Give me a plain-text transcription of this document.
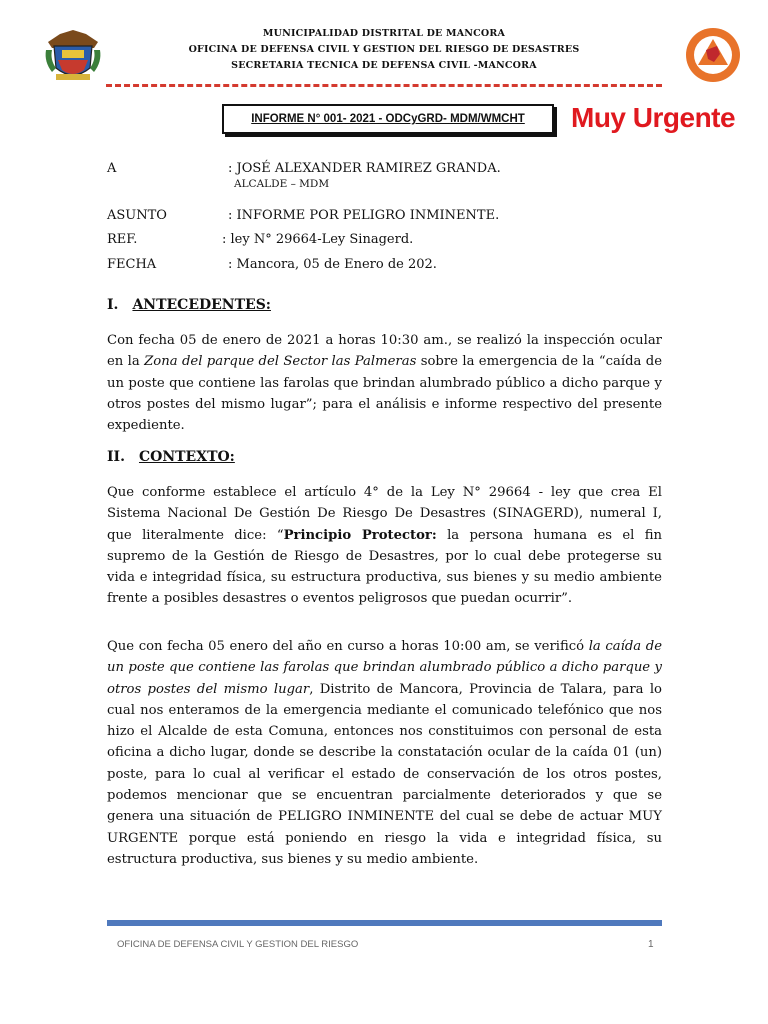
MUNICIPALIDAD DISTRITAL DE MANCORA
OFICINA DE DEFENSA CIVIL Y GESTION DEL RIESGO DE DESASTRES
SECRETARIA TECNICA DE DEFENSA CIVIL -MANCORA
INFORME N° 001- 2021 - ODCyGRD- MDM/WMCHT Muy Urgente
A	: JOSÉ ALEXANDER RAMIREZ GRANDA.
ALCALDE – MDM
ASUNTO	: INFORME POR PELIGRO INMINENTE.
REF.	: ley N° 29664-Ley Sinagerd.
FECHA	: Mancora, 05 de Enero de 202.
I. ANTECEDENTES:
Con fecha 05 de enero de 2021 a horas 10:30 am., se realizó la inspección ocular en la Zona del parque del Sector las Palmeras sobre la emergencia de la “caída de un poste que contiene las farolas que brindan alumbrado público a dicho parque y otros postes del mismo lugar”; para el análisis e informe respectivo del presente expediente.
II. CONTEXTO:
Que conforme establece el artículo 4° de la Ley N° 29664 - ley que crea El Sistema Nacional De Gestión De Riesgo De Desastres (SINAGERD), numeral I, que literalmente dice: “Principio Protector: la persona humana es el fin supremo de la Gestión de Riesgo de Desastres, por lo cual debe protegerse su vida e integridad física, su estructura productiva, sus bienes y su medio ambiente frente a posibles desastres o eventos peligrosos que puedan ocurrir”.
Que con fecha 05 enero del año en curso a horas 10:00 am, se verificó la caída de un poste que contiene las farolas que brindan alumbrado público a dicho parque y otros postes del mismo lugar, Distrito de Mancora, Provincia de Talara, para lo cual nos enteramos de la emergencia mediante el comunicado telefónico que nos hizo el Alcalde de esta Comuna, entonces nos constituimos con personal de esta oficina a dicho lugar, donde se describe la constatación ocular de la caída 01 (un) poste, para lo cual al verificar el estado de conservación de los otros postes, podemos mencionar que se encuentran parcialmente deteriorados y que se genera una situación de PELIGRO INMINENTE del cual se debe de actuar MUY URGENTE porque está poniendo en riesgo la vida e integridad física, su estructura productiva, sus bienes y su medio ambiente.
OFICINA DE DEFENSA CIVIL Y GESTION DEL RIESGO	1
